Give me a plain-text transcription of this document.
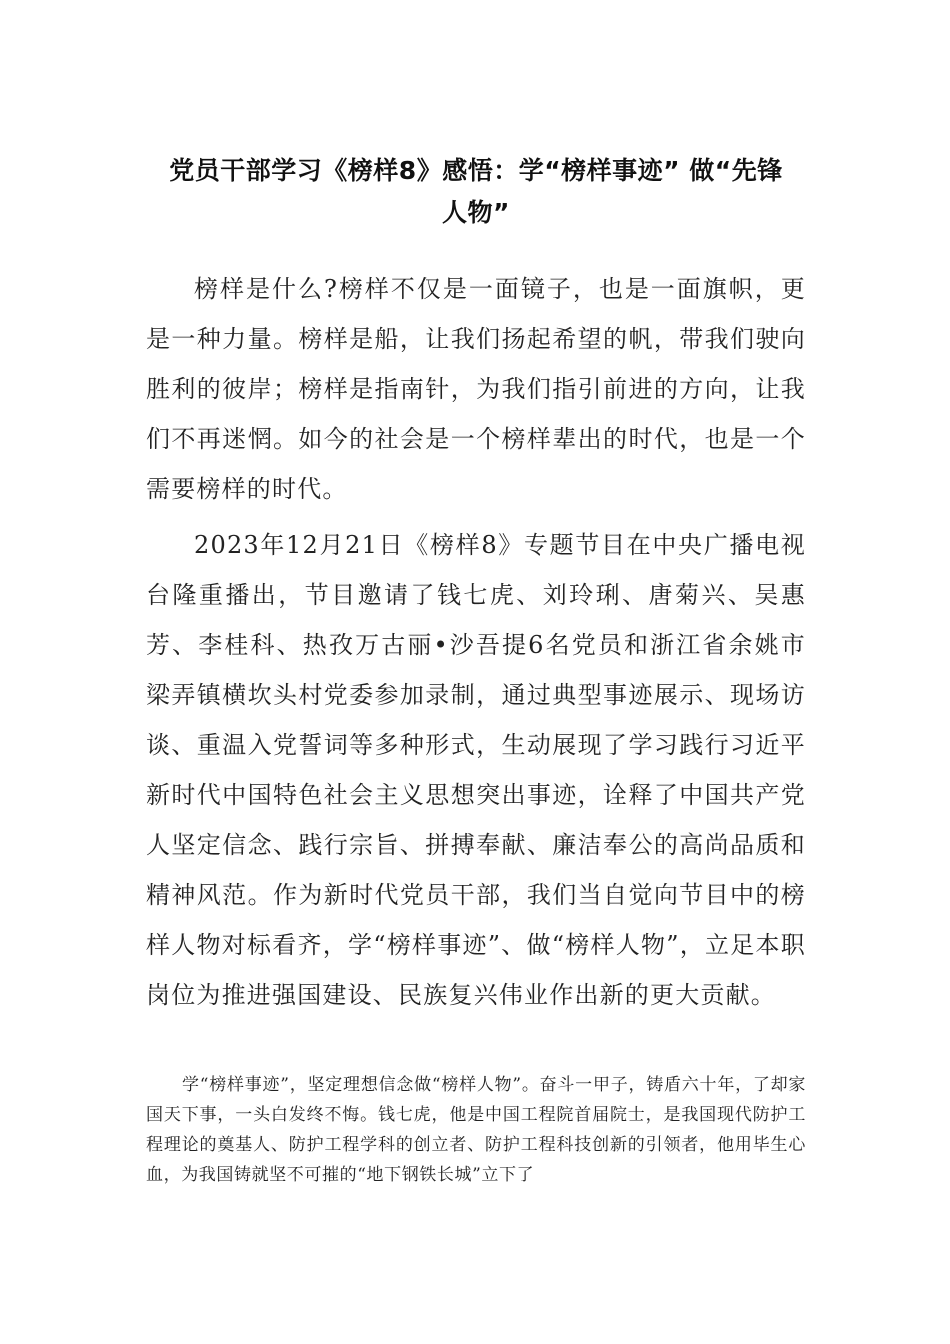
党员干部学习《榜样8》感悟：学“榜样事迹” 做“先锋
人物”

榜样是什么?榜样不仅是一面镜子，也是一面旗帜，更是一种力量。榜样是船，让我们扬起希望的帆，带我们驶向胜利的彼岸；榜样是指南针，为我们指引前进的方向，让我们不再迷惘。如今的社会是一个榜样辈出的时代，也是一个需要榜样的时代。

2023年12月21日《榜样8》专题节目在中央广播电视台隆重播出，节目邀请了钱七虎、刘玲琍、唐菊兴、吴惠芳、李桂科、热孜万古丽•沙吾提6名党员和浙江省余姚市梁弄镇横坎头村党委参加录制，通过典型事迹展示、现场访谈、重温入党誓词等多种形式，生动展现了学习践行习近平新时代中国特色社会主义思想突出事迹，诠释了中国共产党人坚定信念、践行宗旨、拼搏奉献、廉洁奉公的高尚品质和精神风范。作为新时代党员干部，我们当自觉向节目中的榜样人物对标看齐，学“榜样事迹”、做“榜样人物”，立足本职岗位为推进强国建设、民族复兴伟业作出新的更大贡献。

学“榜样事迹”，坚定理想信念做“榜样人物”。奋斗一甲子，铸盾六十年，了却家国天下事，一头白发终不悔。钱七虎，他是中国工程院首届院士，是我国现代防护工程理论的奠基人、防护工程学科的创立者、防护工程科技创新的引领者，他用毕生心血，为我国铸就坚不可摧的“地下钢铁长城”立下了
